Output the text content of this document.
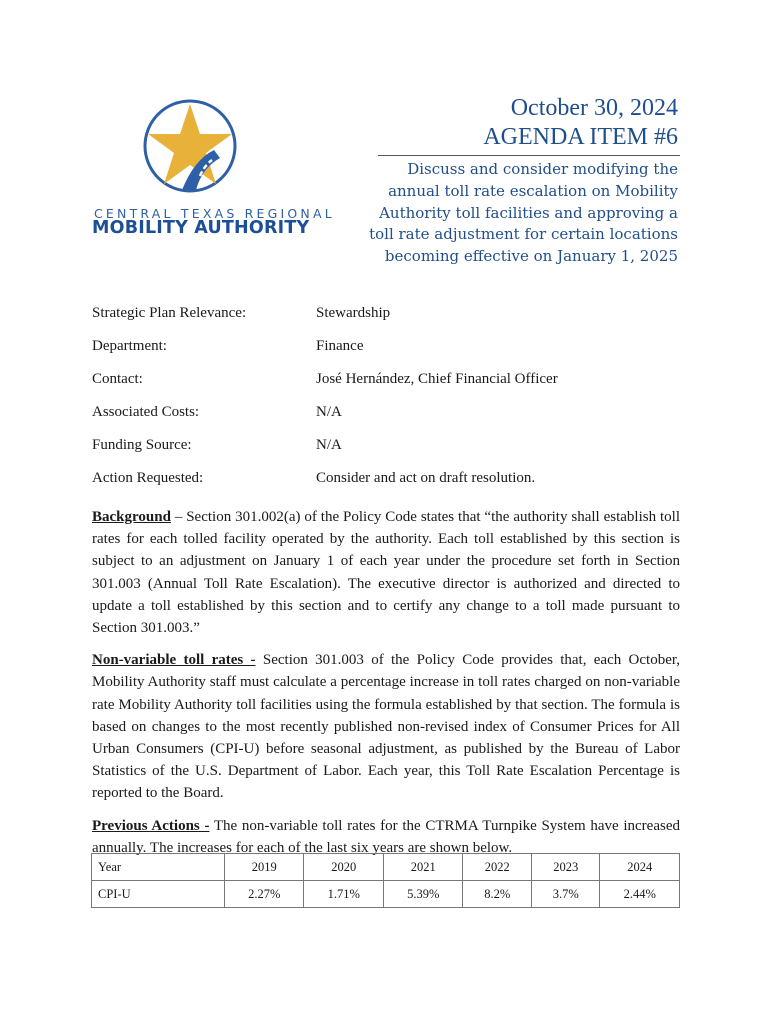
CENTRAL TEXAS REGIONAL
MOBILITY AUTHORITY
October 30, 2024
AGENDA ITEM #6
Discuss and consider modifying the annual toll rate escalation on Mobility Authority toll facilities and approving a toll rate adjustment for certain locations becoming effective on January 1, 2025
Strategic Plan Relevance:	Stewardship
Department:	Finance
Contact:	José Hernández, Chief Financial Officer
Associated Costs:	N/A
Funding Source:	N/A
Action Requested:	Consider and act on draft resolution.

Background – Section 301.002(a) of the Policy Code states that “the authority shall establish toll rates for each tolled facility operated by the authority. Each toll established by this section is subject to an adjustment on January 1 of each year under the procedure set forth in Section 301.003 (Annual Toll Rate Escalation). The executive director is authorized and directed to update a toll established by this section and to certify any change to a toll made pursuant to Section 301.003.”

Non-variable toll rates - Section 301.003 of the Policy Code provides that, each October, Mobility Authority staff must calculate a percentage increase in toll rates charged on non-variable rate Mobility Authority toll facilities using the formula established by that section. The formula is based on changes to the most recently published non-revised index of Consumer Prices for All Urban Consumers (CPI-U) before seasonal adjustment, as published by the Bureau of Labor Statistics of the U.S. Department of Labor. Each year, this Toll Rate Escalation Percentage is reported to the Board.

Previous Actions - The non-variable toll rates for the CTRMA Turnpike System have increased annually. The increases for each of the last six years are shown below.

Year	2019	2020	2021	2022	2023	2024
CPI-U	2.27%	1.71%	5.39%	8.2%	3.7%	2.44%
